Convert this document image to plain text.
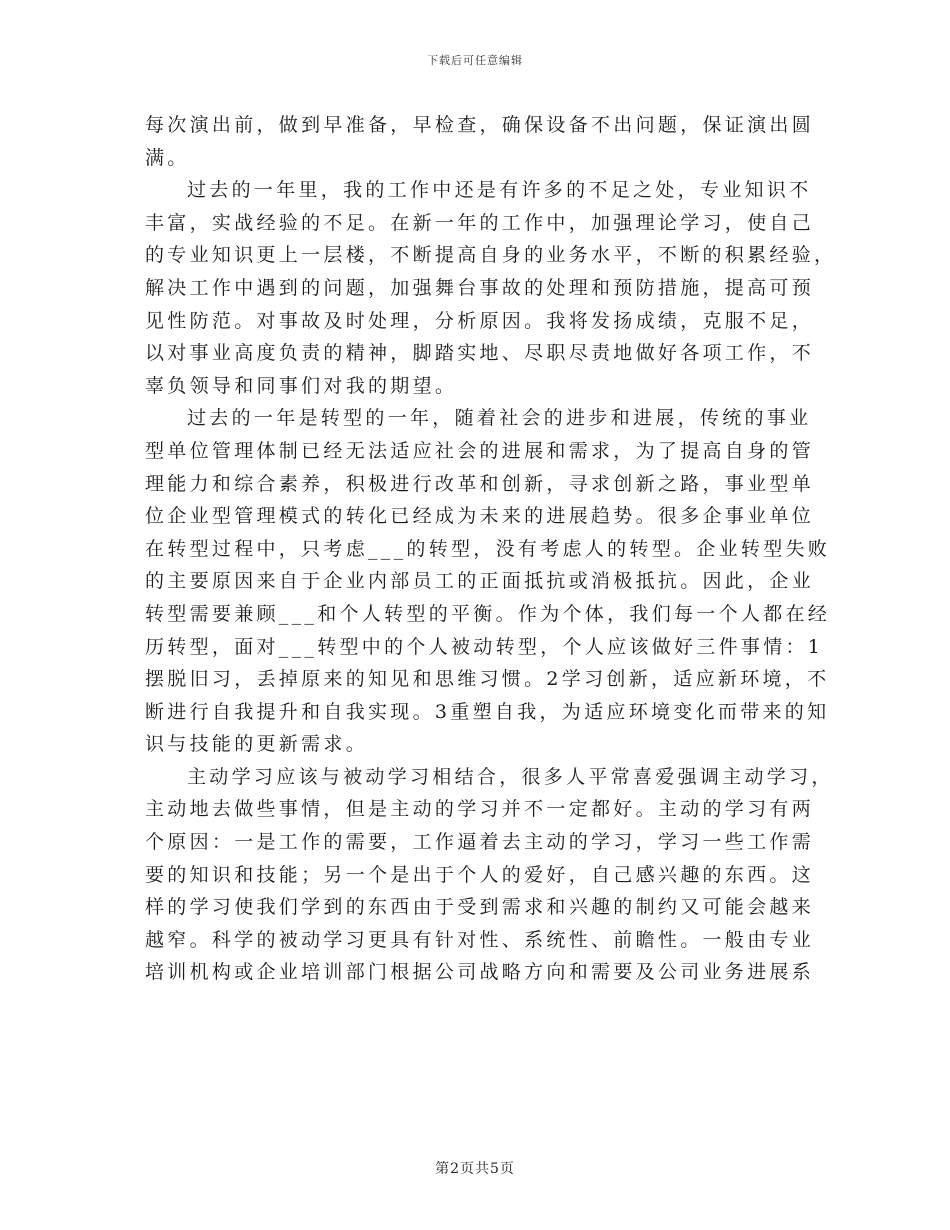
下载后可任意编辑
每次演出前，做到早准备，早检查，确保设备不出问题，保证演出圆
满。
过去的一年里，我的工作中还是有许多的不足之处，专业知识不
丰富，实战经验的不足。在新一年的工作中，加强理论学习，使自己
的专业知识更上一层楼，不断提高自身的业务水平，不断的积累经验，
解决工作中遇到的问题，加强舞台事故的处理和预防措施，提高可预
见性防范。对事故及时处理，分析原因。我将发扬成绩，克服不足，
以对事业高度负责的精神，脚踏实地、尽职尽责地做好各项工作，不
辜负领导和同事们对我的期望。
过去的一年是转型的一年，随着社会的进步和进展，传统的事业
型单位管理体制已经无法适应社会的进展和需求，为了提高自身的管
理能力和综合素养，积极进行改革和创新，寻求创新之路，事业型单
位企业型管理模式的转化已经成为未来的进展趋势。很多企事业单位
在转型过程中，只考虑___的转型，没有考虑人的转型。企业转型失败
的主要原因来自于企业内部员工的正面抵抗或消极抵抗。因此，企业
转型需要兼顾___和个人转型的平衡。作为个体，我们每一个人都在经
历转型，面对___转型中的个人被动转型，个人应该做好三件事情：1
摆脱旧习，丢掉原来的知见和思维习惯。2学习创新，适应新环境，不
断进行自我提升和自我实现。3重塑自我，为适应环境变化而带来的知
识与技能的更新需求。
主动学习应该与被动学习相结合，很多人平常喜爱强调主动学习，
主动地去做些事情，但是主动的学习并不一定都好。主动的学习有两
个原因：一是工作的需要，工作逼着去主动的学习，学习一些工作需
要的知识和技能；另一个是出于个人的爱好，自己感兴趣的东西。这
样的学习使我们学到的东西由于受到需求和兴趣的制约又可能会越来
越窄。科学的被动学习更具有针对性、系统性、前瞻性。一般由专业
培训机构或企业培训部门根据公司战略方向和需要及公司业务进展系
第2页共5页
